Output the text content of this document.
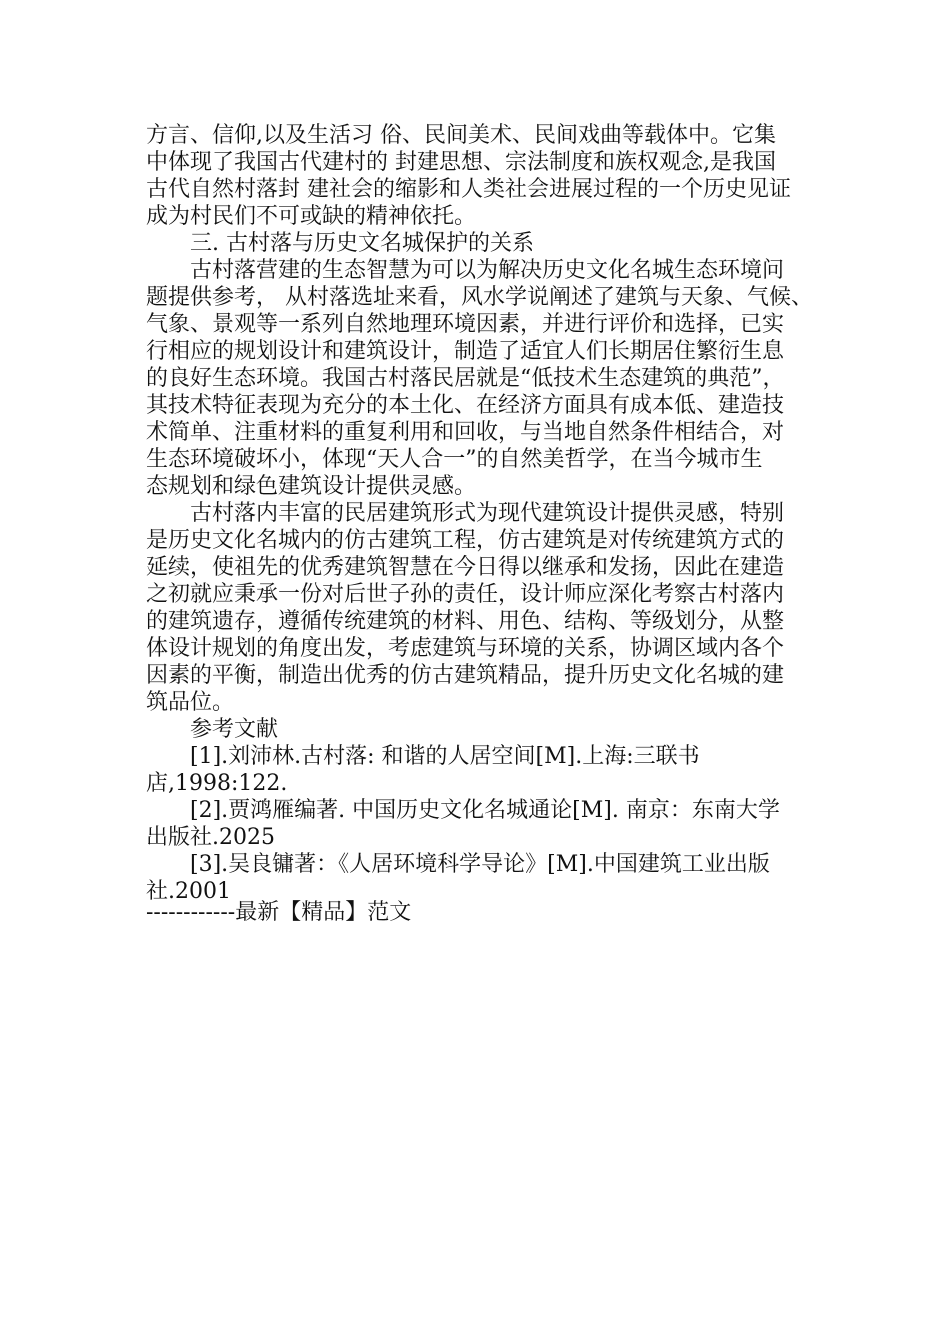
方言、信仰,以及生活习 俗、民间美术、民间戏曲等载体中。它集
中体现了我国古代建村的 封建思想、宗法制度和族权观念,是我国
古代自然村落封 建社会的缩影和人类社会进展过程的一个历史见证
成为村民们不可或缺的精神依托。
三. 古村落与历史文名城保护的关系
古村落营建的生态智慧为可以为解决历史文化名城生态环境问
题提供参考， 从村落选址来看，风水学说阐述了建筑与天象、气候、
气象、景观等一系列自然地理环境因素，并进行评价和选择，已实
行相应的规划设计和建筑设计，制造了适宜人们长期居住繁衍生息
的良好生态环境。我国古村落民居就是“低技术生态建筑的典范”，
其技术特征表现为充分的本土化、在经济方面具有成本低、建造技
术简单、注重材料的重复利用和回收，与当地自然条件相结合，对
生态环境破坏小，体现“天人合一”的自然美哲学，在当今城市生
态规划和绿色建筑设计提供灵感。
古村落内丰富的民居建筑形式为现代建筑设计提供灵感，特别
是历史文化名城内的仿古建筑工程，仿古建筑是对传统建筑方式的
延续，使祖先的优秀建筑智慧在今日得以继承和发扬，因此在建造
之初就应秉承一份对后世子孙的责任，设计师应深化考察古村落内
的建筑遗存，遵循传统建筑的材料、用色、结构、等级划分，从整
体设计规划的角度出发，考虑建筑与环境的关系，协调区域内各个
因素的平衡，制造出优秀的仿古建筑精品，提升历史文化名城的建
筑品位。
参考文献
[1].刘沛林.古村落: 和谐的人居空间[M].上海:三联书
店,1998:122.
[2].贾鸿雁编著. 中国历史文化名城通论[M]. 南京：东南大学
出版社.2025
[3].吴良镛著：《人居环境科学导论》[M].中国建筑工业出版
社.2001
------------最新【精品】范文
